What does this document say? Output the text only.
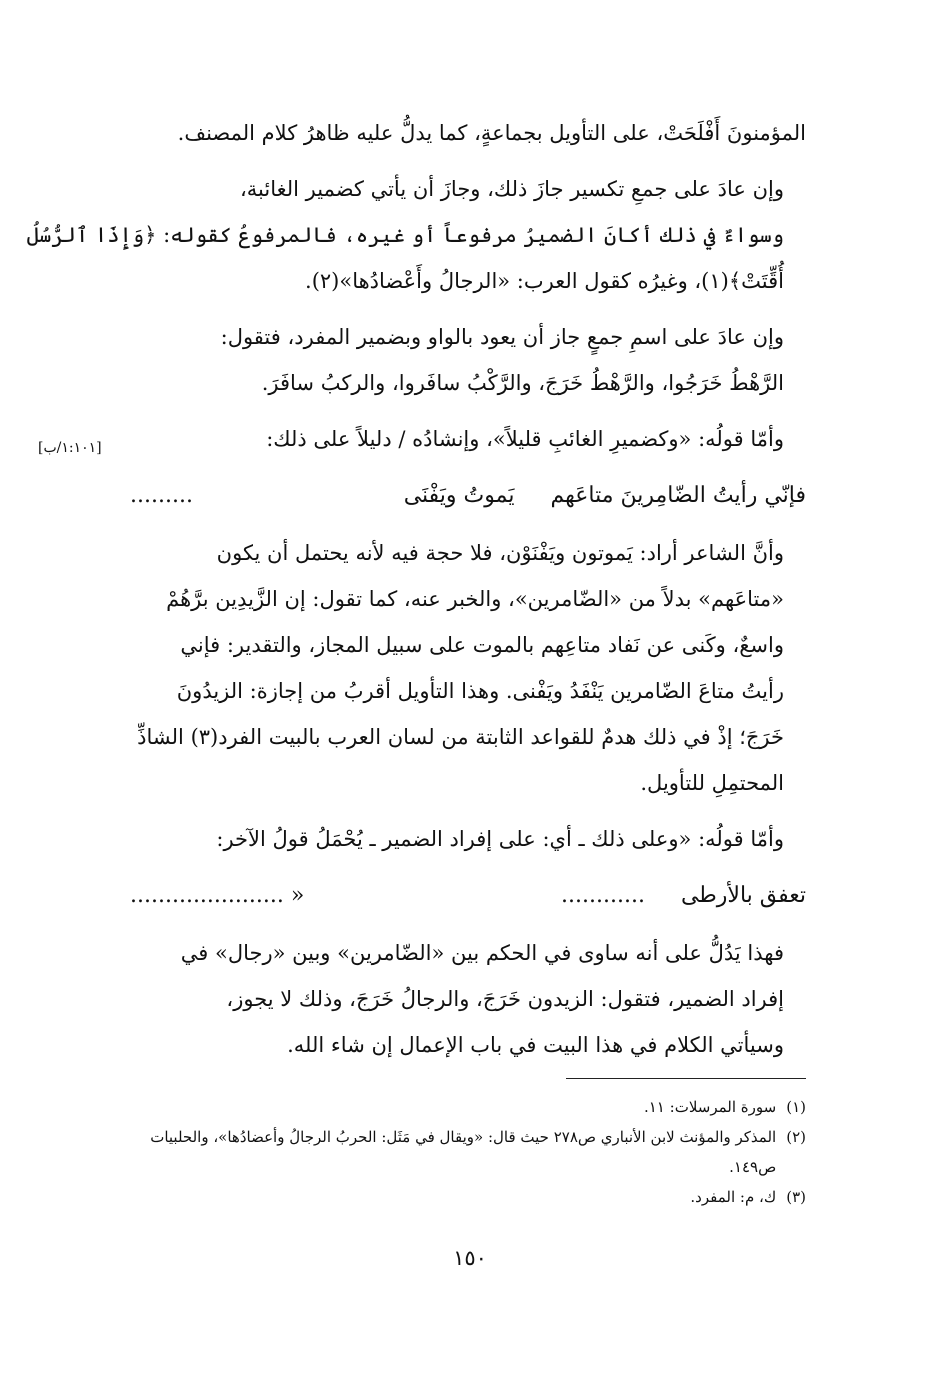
المؤمنونَ أَفْلَحَتْ، على التأويل بجماعةٍ، كما يدلُّ عليه ظاهرُ كلام المصنف.

وإن عادَ على جمعِ تكسير جازَ ذلك، وجازَ أن يأتي كضمير الغائبة،
وسواءٌ في ذلك أكانَ الضميرُ مرفوعاً أو غيره، فالمرفوعُ كقوله: ﴿وَإِذَا ٱلرُّسُلُ
أُقِّتَتْ﴾(١)، وغيرُه كقول العرب: «الرجالُ وأَعْضادُها»(٢).

وإن عادَ على اسمِ جمعٍ جاز أن يعود بالواو وبضمير المفرد، فتقول:
الرَّهْطُ خَرَجُوا، والرَّهْطُ خَرَجَ، والرَّكْبُ سافَروا، والركبُ سافَرَ.

وأمّا قولُه: «وكضميرِ الغائبِ قليلاً»، وإنشادُه / دليلاً على ذلك:

فإنّي رأيتُ الضّامِرينَ متاعَهم
يَموتُ ويَفْنَى
.........

وأنَّ الشاعر أراد: يَموتون ويَفْنَوْن، فلا حجة فيه لأنه يحتمل أن يكون
«متاعَهم» بدلاً من «الضّامرين»، والخبر عنه، كما تقول: إن الزَّيدِين برَّهُمْ
واسعٌ، وكَنى عن نَفاد متاعِهم بالموت على سبيل المجاز، والتقدير: فإني
رأيتُ متاعَ الضّامرين يَنْفَدُ ويَفْنى. وهذا التأويل أقربُ من إجازة: الزيدُونَ
خَرَجَ؛ إذْ في ذلك هدمٌ للقواعد الثابتة من لسان العرب بالبيت الفرد(٣) الشاذِّ
المحتمِلِ للتأويل.

وأمّا قولُه: «وعلى ذلك ـ أي: على إفراد الضمير ـ يُحْمَلُ قولُ الآخر:

تعفق بالأرطى
............
« ......................

فهذا يَدُلُّ على أنه ساوى في الحكم بين «الضّامرين» وبين «رجال» في
إفراد الضمير، فتقول: الزيدون خَرَجَ، والرجالُ خَرَجَ، وذلك لا يجوز،
وسيأتي الكلام في هذا البيت في باب الإعمال إن شاء الله.

[١:١٠١/ب]
(١)
سورة المرسلات: ١١.
(٢)
المذكر والمؤنث لابن الأنباري ص٢٧٨ حيث قال: «ويقال في مَثَل: الحربُ الرجالُ وأعضادُها»، والحلبيات ص١٤٩.
(٣)
ك، م: المفرد.
١٥٠
